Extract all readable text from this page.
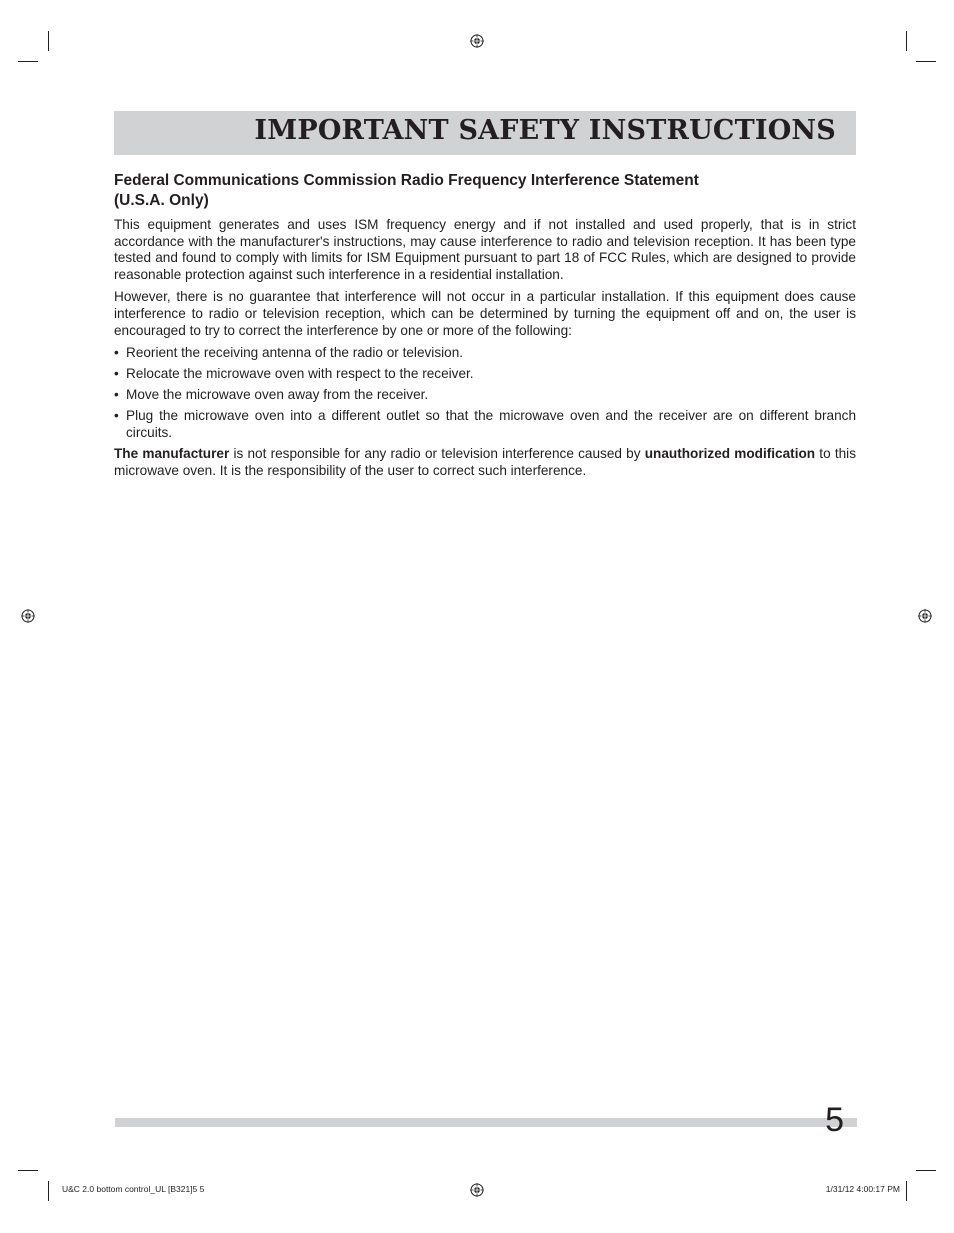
IMPORTANT SAFETY INSTRUCTIONS
Federal Communications Commission Radio Frequency Interference Statement
(U.S.A. Only)

This equipment generates and uses ISM frequency energy and if not installed and used properly, that is in strict accordance with the manufacturer's instructions, may cause interference to radio and television reception. It has been type tested and found to comply with limits for ISM Equipment pursuant to part 18 of FCC Rules, which are designed to provide reasonable protection against such interference in a residential installation.

However, there is no guarantee that interference will not occur in a particular installation. If this equipment does cause interference to radio or television reception, which can be determined by turning the equipment off and on, the user is encouraged to try to correct the interference by one or more of the following:

• Reorient the receiving antenna of the radio or television.
• Relocate the microwave oven with respect to the receiver.
• Move the microwave oven away from the receiver.
• Plug the microwave oven into a different outlet so that the microwave oven and the receiver are on different branch circuits.

The manufacturer is not responsible for any radio or television interference caused by unauthorized modification to this microwave oven. It is the responsibility of the user to correct such interference.

5
U&C 2.0 bottom control_UL [B321]5 5	1/31/12 4:00:17 PM
